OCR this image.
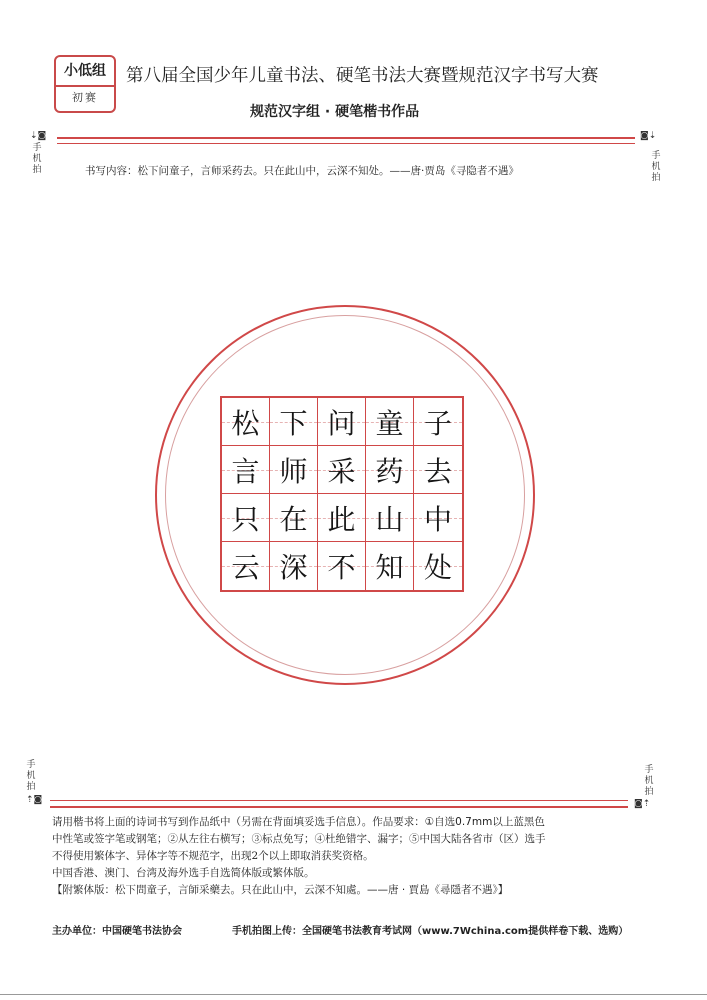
小低组
初赛
第八届全国少年儿童书法、硬笔书法大赛暨规范汉字书写大赛
规范汉字组 · 硬笔楷书作品
⇣◙
手机拍
◙⇣
手机拍
书写内容：松下问童子，言师采药去。只在此山中，云深不知处。——唐·贾岛《寻隐者不遇》
松 下 问 童 子
言 师 采 药 去
只 在 此 山 中
云 深 不 知 处
手机拍
⇡◙
手机拍
◙⇡
请用楷书将上面的诗词书写到作品纸中（另需在背面填妥选手信息）。作品要求：①自选0.7mm以上蓝黑色
中性笔或签字笔或钢笔；②从左往右横写；③标点免写；④杜绝错字、漏字；⑤中国大陆各省市（区）选手
不得使用繁体字、异体字等不规范字，出现2个以上即取消获奖资格。
中国香港、澳门、台湾及海外选手自选简体版或繁体版。
【附繁体版：松下問童子，言師采藥去。只在此山中，云深不知處。——唐 · 賈島《尋隱者不遇》】
主办单位：中国硬笔书法协会	手机拍图上传：全国硬笔书法教育考试网（www.7Wchina.com提供样卷下载、选购）
